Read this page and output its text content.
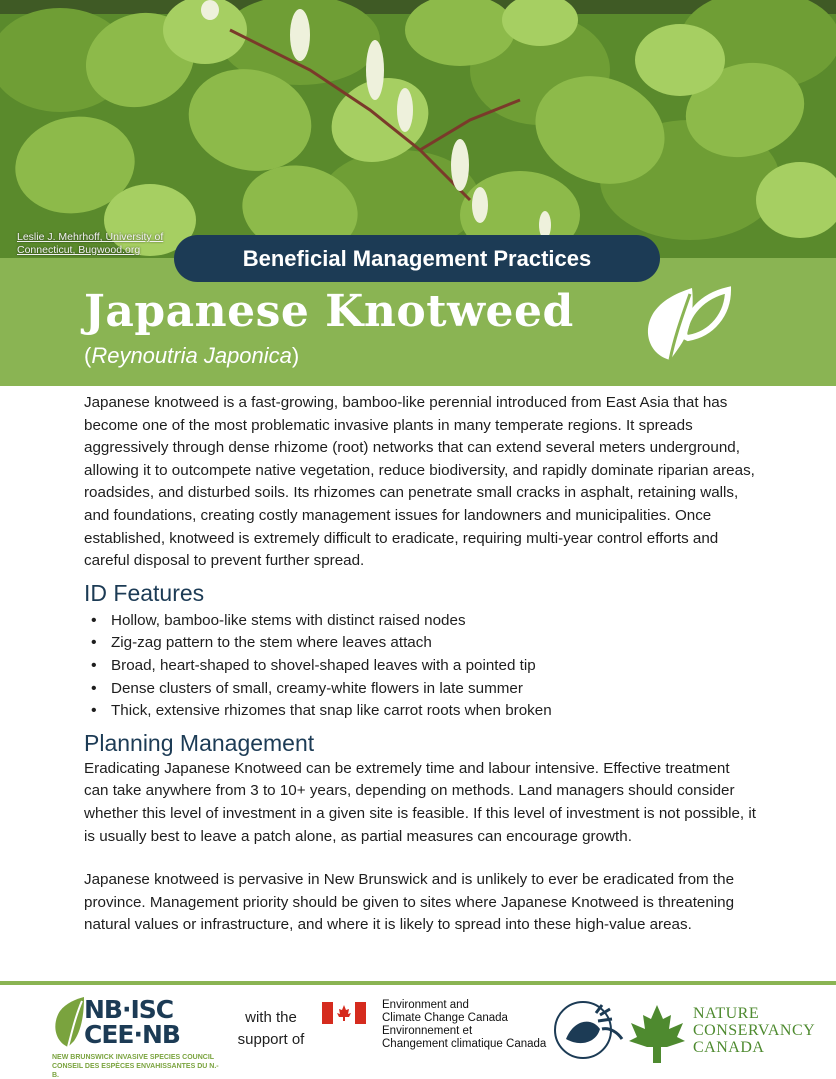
Leslie J. Mehrhoff, University of Connecticut, Bugwood.org	Beneficial Management Practices
Japanese Knotweed
(Reynoutria Japonica)

Japanese knotweed is a fast-growing, bamboo-like perennial introduced from East Asia that has become one of the most problematic invasive plants in many temperate regions. It spreads aggressively through dense rhizome (root) networks that can extend several meters underground, allowing it to outcompete native vegetation, reduce biodiversity, and rapidly dominate riparian areas, roadsides, and disturbed soils. Its rhizomes can penetrate small cracks in asphalt, retaining walls, and foundations, creating costly management issues for landowners and municipalities. Once established, knotweed is extremely difficult to eradicate, requiring multi-year control efforts and careful disposal to prevent further spread.

ID Features
• Hollow, bamboo-like stems with distinct raised nodes
• Zig-zag pattern to the stem where leaves attach
• Broad, heart-shaped to shovel-shaped leaves with a pointed tip
• Dense clusters of small, creamy-white flowers in late summer
• Thick, extensive rhizomes that snap like carrot roots when broken
Planning Management

Eradicating Japanese Knotweed can be extremely time and labour intensive. Effective treatment can take anywhere from 3 to 10+ years, depending on methods. Land managers should consider whether this level of investment in a given site is feasible. If this level of investment is not possible, it is usually best to leave a patch alone, as partial measures can encourage growth.

Japanese knotweed is pervasive in New Brunswick and is unlikely to ever be eradicated from the province. Management priority should be given to sites where Japanese Knotweed is threatening natural values or infrastructure, and where it is likely to spread into these high-value areas.

NB·ISC
CEE·NB
NEW BRUNSWICK INVASIVE SPECIES COUNCIL
CONSEIL DES ESPÈCES ENVAHISSANTES DU N.-B.
with the support of
Environment and
Climate Change Canada
Environnement et
Changement climatique Canada
NATURE
CONSERVANCY
CANADA
